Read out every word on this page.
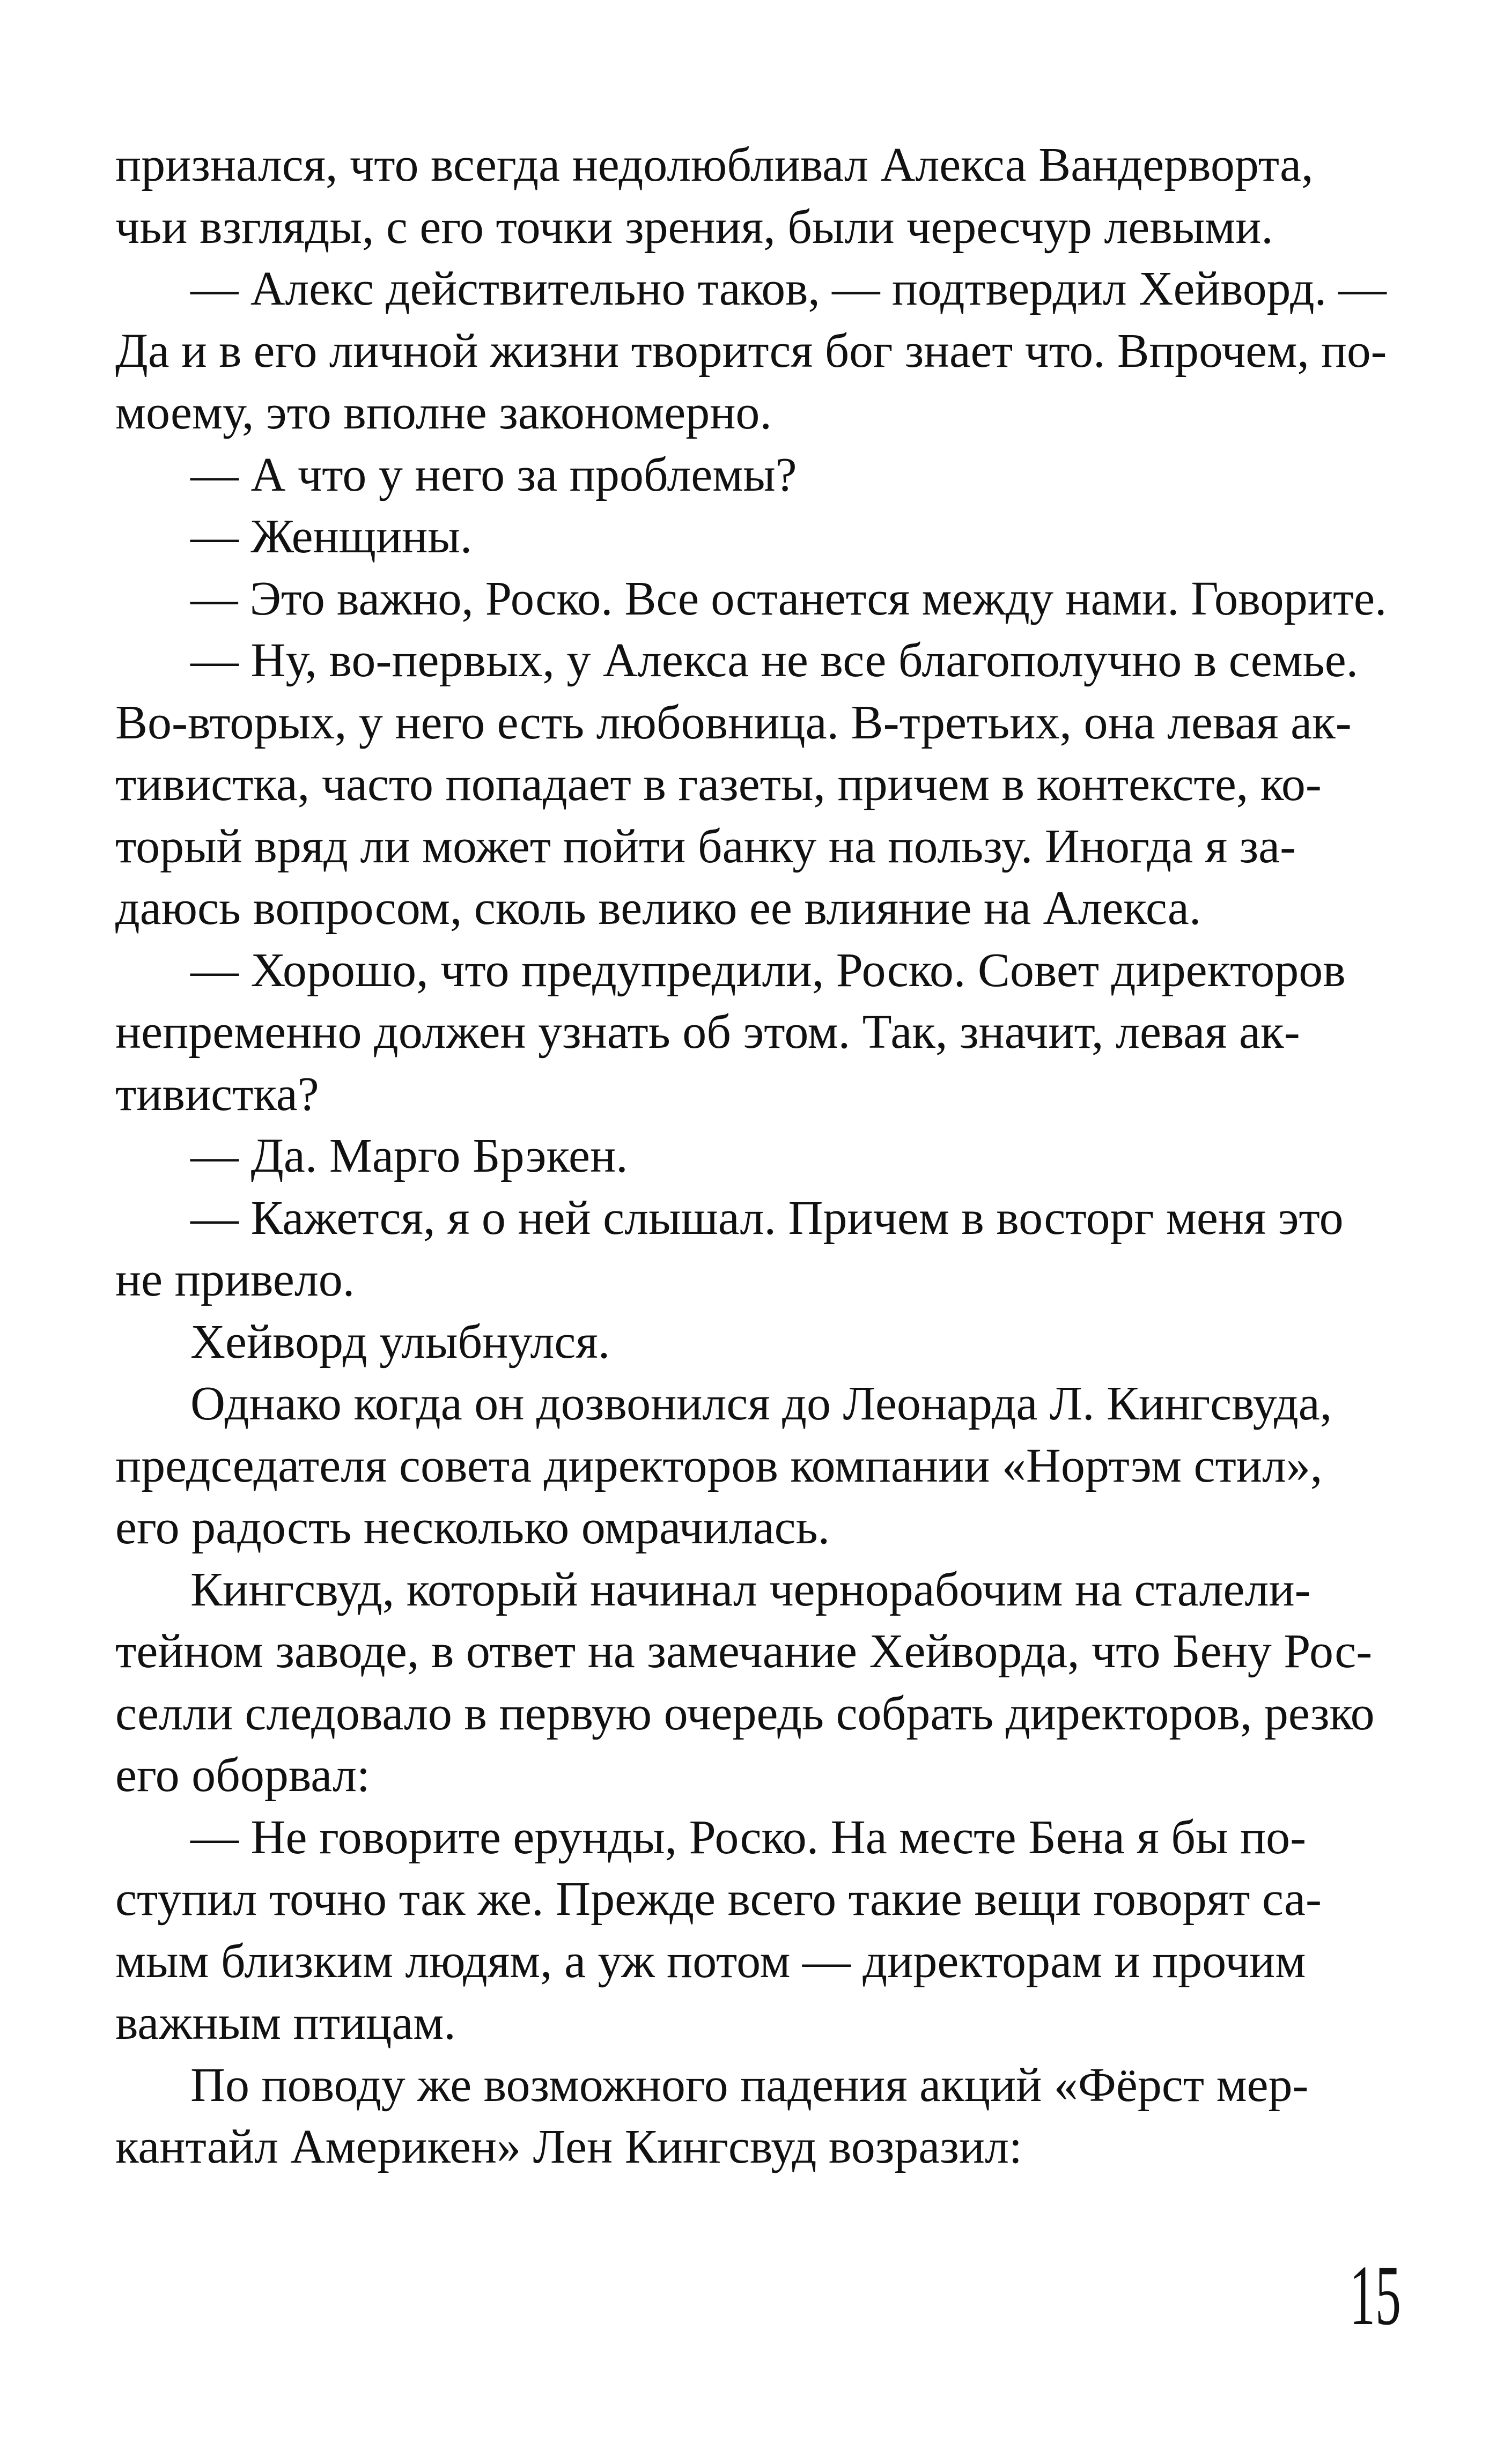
признался, что всегда недолюбливал Алекса Вандерворта,
чьи взгляды, с его точки зрения, были чересчур левыми.
— Алекс действительно таков, — подтвердил Хейворд. —
Да и в его личной жизни творится бог знает что. Впрочем, по-
моему, это вполне закономерно.
— А что у него за проблемы?
— Женщины.
— Это важно, Роско. Все останется между нами. Говорите.
— Ну, во-первых, у Алекса не все благополучно в семье.
Во-вторых, у него есть любовница. В-третьих, она левая ак-
тивистка, часто попадает в газеты, причем в контексте, ко-
торый вряд ли может пойти банку на пользу. Иногда я за-
даюсь вопросом, сколь велико ее влияние на Алекса.
— Хорошо, что предупредили, Роско. Совет директоров
непременно должен узнать об этом. Так, значит, левая ак-
тивистка?
— Да. Марго Брэкен.
— Кажется, я о ней слышал. Причем в восторг меня это
не привело.
Хейворд улыбнулся.
Однако когда он дозвонился до Леонарда Л. Кингсвуда,
председателя совета директоров компании «Нортэм стил»,
его радость несколько омрачилась.
Кингсвуд, который начинал чернорабочим на сталели-
тейном заводе, в ответ на замечание Хейворда, что Бену Рос-
селли следовало в первую очередь собрать директоров, резко
его оборвал:
— Не говорите ерунды, Роско. На месте Бена я бы по-
ступил точно так же. Прежде всего такие вещи говорят са-
мым близким людям, а уж потом — директорам и прочим
важным птицам.
По поводу же возможного падения акций «Фёрст мер-
кантайл Америкен» Лен Кингсвуд возразил:
15
